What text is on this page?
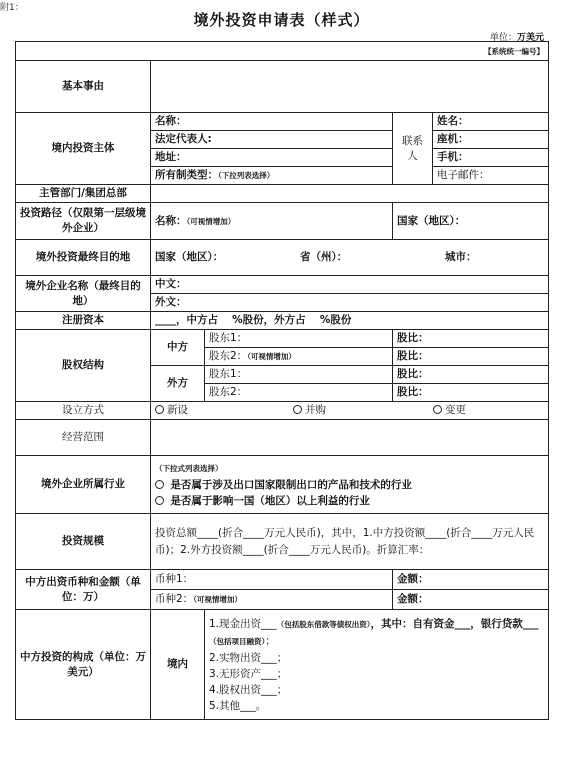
附1：
境外投资申请表（样式）
单位：万美元
【系统统一编号】				
基本事由				
境内投资主体	名称：		联系人	姓名：
	法定代表人:			座机：
	地址：			手机：
	所有制类型：（下拉列表选择）			电子邮件：
主管部门/集团总部				
投资路径（仅限第一层级境外企业）	名称：（可视情增加）		国家（地区）：	
境外投资最终目的地	国家（地区）： 省（州）： 城市：			
境外企业名称（最终目的地）	中文：			
	外文：			
注册资本	____，中方占　 %股份，外方占　 %股份			
股权结构	中方	股东1：	股比：	
		股东2：（可视情增加）	股比：	
	外方	股东1：	股比：	
		股东2：	股比：	
设立方式	新设 并购 变更			
经营范围				
境外企业所属行业	（下拉式列表选择）
是否属于涉及出口国家限制出口的产品和技术的行业
是否属于影响一国（地区）以上利益的行业			

投资规模	投资总额____(折合____万元人民币)，其中，1.中方投资额____(折合____万元人民币)；2.外方投资额____(折合____万元人民币)。折算汇率：			
中方出资币种和金额（单位：万）	币种1：		金额：	
	币种2：（可视情增加）		金额：	
中方投资的构成（单位：万美元）	境内	1.现金出资___（包括股东借款等债权出资），其中：自有资金___，银行贷款___（包括项目融资）；
2.实物出资___；
3.无形资产___；
4.股权出资___；
5.其他___。		
